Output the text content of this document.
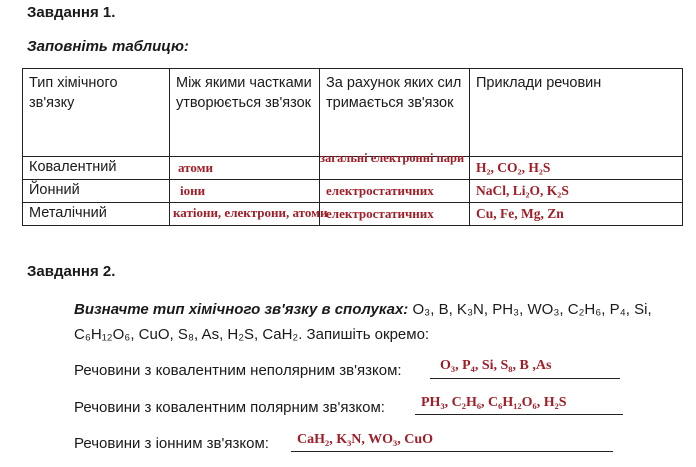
Завдання 1.
Заповніть таблицю:
Тип хімічного зв'язку	Між якими частками утворюється зв'язок	За рахунок яких сил тримається зв'язок	Приклади речовин
Ковалентний	атоми	загальні електронні пари	H₂, CO₂, H₂S
Йонний	іони	електростатичних	NaCl, Li₂O, K₂S
Металічний	катіони, електрони, атоми	електростатичних	Cu, Fe, Mg, Zn
Завдання 2.
Визначте тип хімічного зв'язку в сполуках: O₃, B, K₃N, PH₃, WO₃, C₂H₆, P₄, Si,
C₆H₁₂O₆, CuO, S₈, As, H₂S, CaH₂. Запишіть окремо:
Речовини з ковалентним неполярним зв'язком:	O₃, P₄, Si, S₈, B ,As
Речовини з ковалентним полярним зв'язком:	PH₃, C₂H₆, C₆H₁₂O₆, H₂S
Речовини з іонним зв'язком: CaH₂, K₃N, WO₃, CuO
